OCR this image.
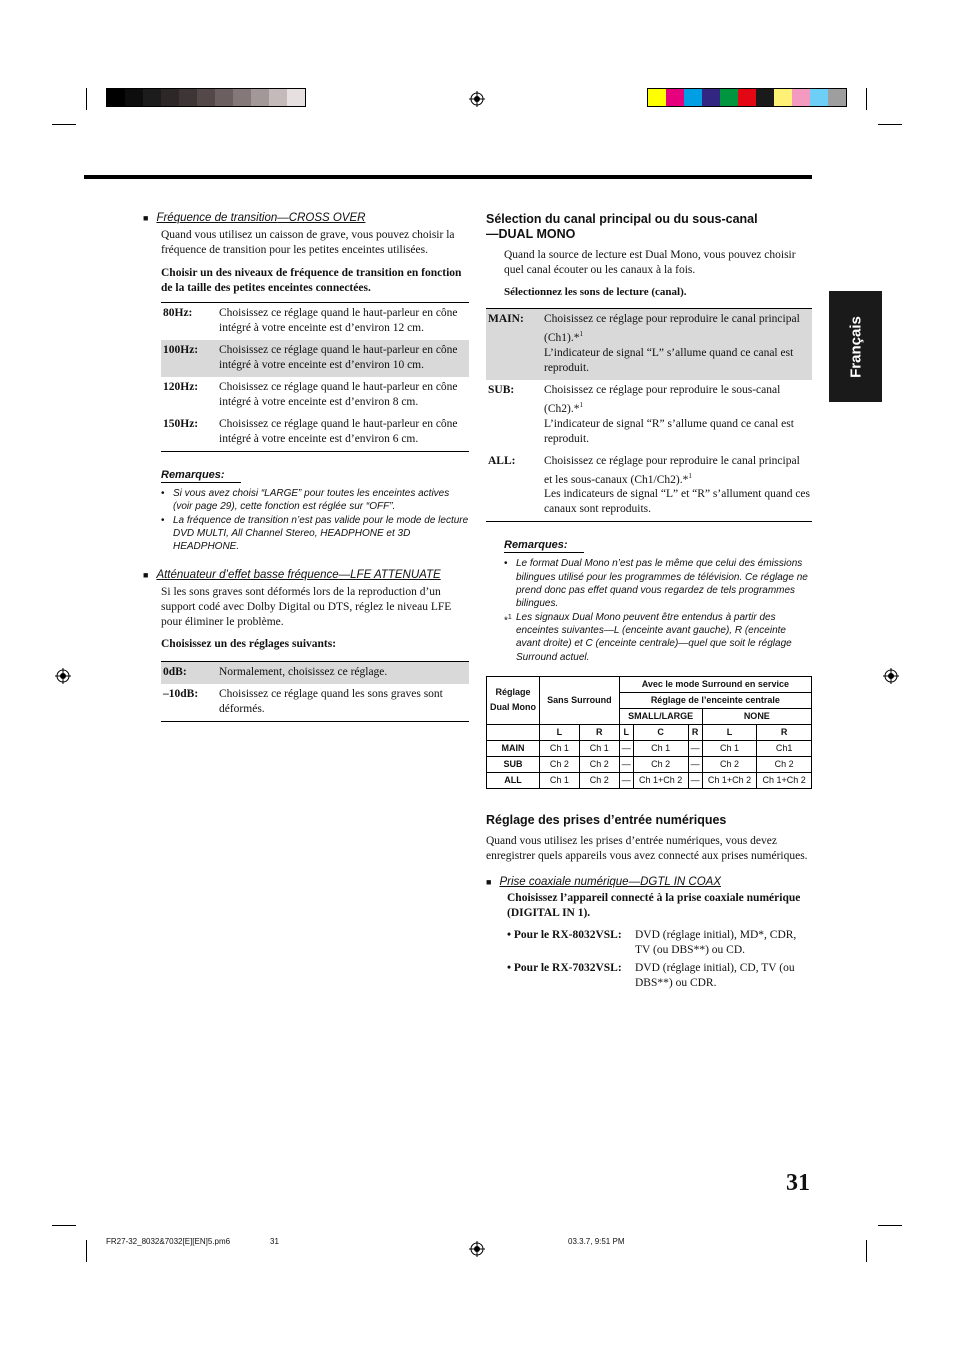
Français

■ Fréquence de transition—CROSS OVER

Quand vous utilisez un caisson de grave, vous pouvez choisir la fréquence de transition pour les petites enceintes utilisées.

Choisir un des niveaux de fréquence de transition en fonction de la taille des petites enceintes connectées.

80Hz:	Choisissez ce réglage quand le haut-parleur en cône intégré à votre enceinte est d’environ 12 cm.
100Hz:	Choisissez ce réglage quand le haut-parleur en cône intégré à votre enceinte est d’environ 10 cm.
120Hz:	Choisissez ce réglage quand le haut-parleur en cône intégré à votre enceinte est d’environ 8 cm.
150Hz:	Choisissez ce réglage quand le haut-parleur en cône intégré à votre enceinte est d’environ 6 cm.
Remarques:
• Si vous avez choisi “LARGE” pour toutes les enceintes actives (voir page 29), cette fonction est réglée sur “OFF”.
• La fréquence de transition n’est pas valide pour le mode de lecture DVD MULTI, All Channel Stereo, HEADPHONE et 3D HEADPHONE.

■ Atténuateur d’effet basse fréquence—LFE ATTENUATE

Si les sons graves sont déformés lors de la reproduction d’un support codé avec Dolby Digital ou DTS, réglez le niveau LFE pour éliminer le problème.

Choisissez un des réglages suivants:

0dB:	Normalement, choisissez ce réglage.
–10dB:	Choisissez ce réglage quand les sons graves sont déformés.
Sélection du canal principal ou du sous-canal
—DUAL MONO

Quand la source de lecture est Dual Mono, vous pouvez choisir quel canal écouter ou les canaux à la fois.

Sélectionnez les sons de lecture (canal).

MAIN:	Choisissez ce réglage pour reproduire le canal principal (Ch1).*$^1$
L’indicateur de signal “L” s’allume quand ce canal est reproduit.
SUB:	Choisissez ce réglage pour reproduire le sous-canal (Ch2).*$^1$
L’indicateur de signal “R” s’allume quand ce canal est reproduit.
ALL:	Choisissez ce réglage pour reproduire le canal principal et les sous-canaux (Ch1/Ch2).*$^1$
Les indicateurs de signal “L” et “R” s’allument quand ces canaux sont reproduits.
Remarques:
• Le format Dual Mono n’est pas le même que celui des émissions bilingues utilisé pour les programmes de télévision. Ce réglage ne prend donc pas effet quand vous regardez de tels programmes bilingues.
*$^1$ Les signaux Dual Mono peuvent être entendus à partir des enceintes suivantes—L (enceinte avant gauche), R (enceinte avant droite) et C (enceinte centrale)—quel que soit le réglage Surround actuel.
Réglage Dual Mono	Sans Surround		Avec le mode Surround en service				
			Réglage de l’enceinte centrale				
			SMALL/LARGE			NONE	
	L	R	L	C	R	L	R
MAIN	Ch 1	Ch 1	—	Ch 1	—	Ch 1	Ch1
SUB	Ch 2	Ch 2	—	Ch 2	—	Ch 2	Ch 2
ALL	Ch 1	Ch 2	—	Ch 1+Ch 2	—	Ch 1+Ch 2	Ch 1+Ch 2
Réglage des prises d’entrée numériques

Quand vous utilisez les prises d’entrée numériques, vous devez enregistrer quels appareils vous avez connecté aux prises numériques.

■ Prise coaxiale numérique—DGTL IN COAX

Choisissez l’appareil connecté à la prise coaxiale numérique (DIGITAL IN 1).

• Pour le RX-8032VSL:	DVD (réglage initial), MD*, CDR, TV (ou DBS**) ou CD.
• Pour le RX-7032VSL:	DVD (réglage initial), CD, TV (ou DBS**) ou CDR.
31
FR27-32_8032&7032[E][EN]5.pm6	31	03.3.7, 9:51 PM
